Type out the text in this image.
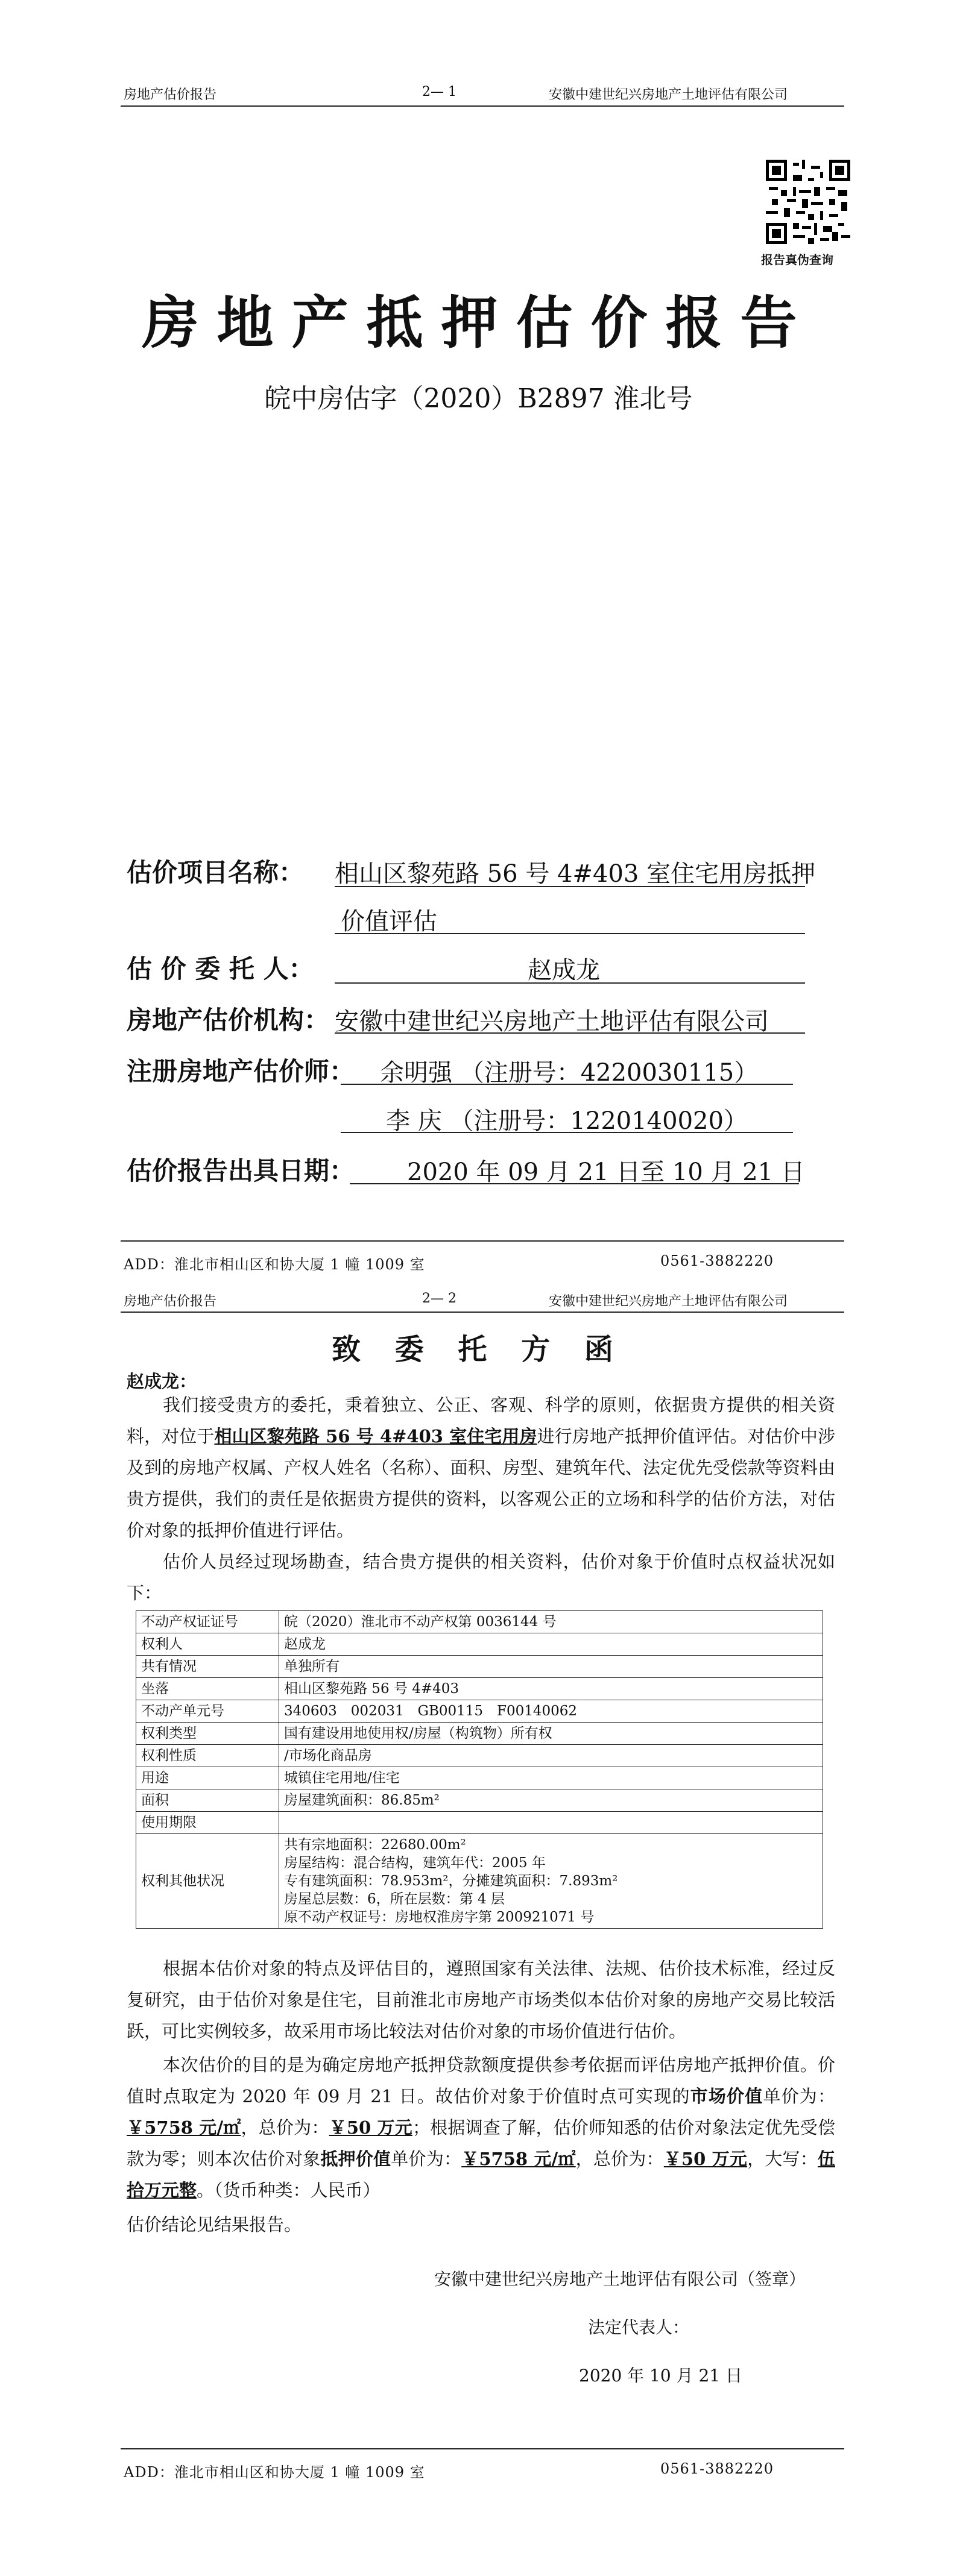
房地产估价报告	2— 1	安徽中建世纪兴房地产土地评估有限公司
报告真伪查询
房地产抵押估价报告
皖中房估字（2020）B2897 淮北号
估价项目名称： 相山区黎苑路 56 号 4#403 室住宅用房抵押
价值评估
估 价 委 托 人：	赵成龙
房地产估价机构： 安徽中建世纪兴房地产土地评估有限公司
注册房地产估价师： 余明强 （注册号：4220030115）
李 庆 （注册号：1220140020）
估价报告出具日期： 2020 年 09 月 21 日至 10 月 21 日
ADD：淮北市相山区和协大厦 1 幢 1009 室	0561-3882220
房地产估价报告	2— 2	安徽中建世纪兴房地产土地评估有限公司
致 委 托 方 函
赵成龙：
我们接受贵方的委托，秉着独立、公正、客观、科学的原则，依据贵方提供的相关资料，对位于相山区黎苑路 56 号 4#403 室住宅用房进行房地产抵押价值评估。对估价中涉及到的房地产权属、产权人姓名（名称）、面积、房型、建筑年代、法定优先受偿款等资料由贵方提供，我们的责任是依据贵方提供的资料，以客观公正的立场和科学的估价方法，对估价对象的抵押价值进行评估。
估价人员经过现场勘查，结合贵方提供的相关资料，估价对象于价值时点权益状况如下：
不动产权证证号	皖（2020）淮北市不动产权第 0036144 号

权利人	赵成龙

共有情况	单独所有

坐落	相山区黎苑路 56 号 4#403

不动产单元号	340603　002031　GB00115　F00140062

权利类型	国有建设用地使用权/房屋（构筑物）所有权

权利性质	/市场化商品房

用途	城镇住宅用地/住宅

面积	房屋建筑面积：86.85m²

使用期限	

权利其他状况	共有宗地面积：22680.00m²
房屋结构：混合结构，建筑年代：2005 年
专有建筑面积：78.953m²，分摊建筑面积：7.893m²
房屋总层数：6，所在层数：第 4 层
原不动产权证号：房地权淮房字第 200921071 号
根据本估价对象的特点及评估目的，遵照国家有关法律、法规、估价技术标准，经过反复研究，由于估价对象是住宅，目前淮北市房地产市场类似本估价对象的房地产交易比较活跃，可比实例较多，故采用市场比较法对估价对象的市场价值进行估价。
本次估价的目的是为确定房地产抵押贷款额度提供参考依据而评估房地产抵押价值。价值时点取定为 2020 年 09 月 21 日。故估价对象于价值时点可实现的市场价值单价为：￥5758 元/㎡，总价为：￥50 万元；根据调查了解，估价师知悉的估价对象法定优先受偿款为零；则本次估价对象抵押价值单价为：￥5758 元/㎡，总价为：￥50 万元，大写：伍拾万元整。（货币种类：人民币）
估价结论见结果报告。
安徽中建世纪兴房地产土地评估有限公司（签章）
法定代表人：
2020 年 10 月 21 日
ADD：淮北市相山区和协大厦 1 幢 1009 室	0561-3882220
